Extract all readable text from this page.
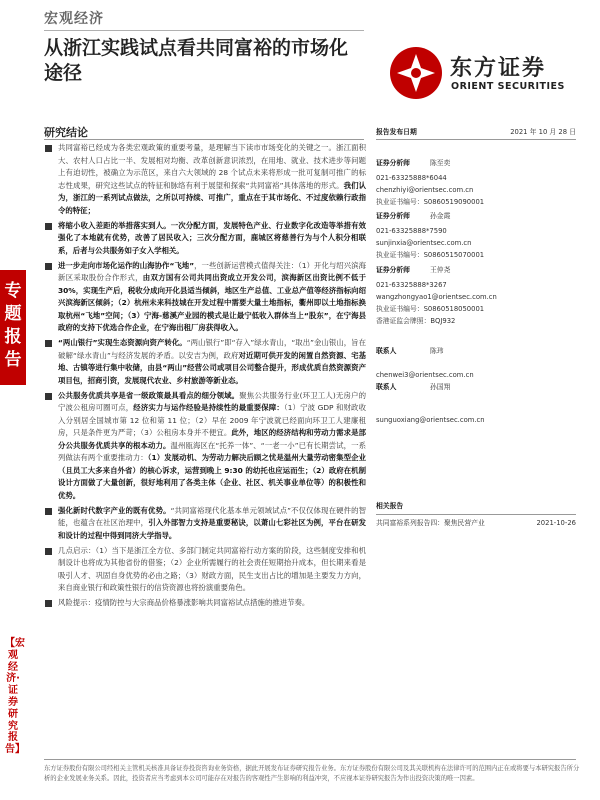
宏观经济
从浙江实践试点看共同富裕的市场化途径	东方证券
ORIENT SECURITIES
专题报告
【宏观经济·证券研究报告】
研究结论
共同富裕已经成为各类宏观政策的重要考量，是理解当下读市市场变化的关键之一。浙江面积大、农村人口占比一半、发展相对均衡、改革创新意识浓烈，在用地、就业、技术进步等问题上有迫切性，被确立为示范区，来自六大领域的 28 个试点未来将形成一批可复制可推广的标志性成果，研究这些试点的特征和脉络有利于展望和探索“共同富裕”具体落地的形式。我们认为，浙江的一系列试点做法，之所以可持续、可推广，重点在于其市场化、不过度依赖行政指令的特征；
将缩小收入差距的举措落实到人。一次分配方面，发展特色产业、行业数字化改造等举措有效强化了本地就有优势，改善了居民收入；三次分配方面，鹿城区将慈善行为与个人积分相联系，后者与公共服务如子女入学相关。
进一步走向市场化运作的山海协作“飞地”，一些创新运营模式值得关注：（1）开化与绍兴滨海新区采取股份合作形式，由双方国有公司共同出资成立开发公司，滨海新区出资比例不低于 30%，实现生产后，税收分成向开化县适当倾斜，地区生产总值、工业总产值等经济指标向绍兴滨海新区倾斜；（2）杭州未来科技城在开发过程中需要大量土地指标，衢州即以土地指标换取杭州“飞地”空间；（3）宁海-慈溪产业园的模式是让最宁低收入群体当上“股东”，在宁海县政府的支持下优选合作企业，在宁海出租厂房获得收入。
“两山银行”实现生态资源向资产转化。“两山银行”即“存入”绿水青山，“取出”金山银山，旨在破解“绿水青山”与经济发展的矛盾。以安吉为例，政府对近期可供开发的闲置自然资源、宅基地、古镇等进行集中收储，由县“两山”经营公司或项目公司整合提升，形成优质自然资源资产项目包，招商引资，发展现代农业、乡村旅游等新业态。
公共服务优质共享是省一级政策最具看点的细分领域。聚焦公共服务行业(环卫工人)无房户的宁波公租房可圈可点，经济实力与运作经验是持续性的最重要保障：（1）宁波 GDP 和财政收入分别居全国城市第 12 位和第 11 位；（2）早在 2009 年宁波就已经面向环卫工人建廉租房，只是条件更为严苛；（3）公租房本身并不便宜。此外，地区的经济结构和劳动力需求是部分公共服务优质共享的根本动力。温州瓯海区在“托养一体”、“一老一小”已有长期尝试，一系列做法有两个重要推动力：（1）发展动机、为劳动力解决后顾之忧是温州大量劳动密集型企业（且员工大多来自外省）的核心诉求，运营到晚上 9:30 的幼托也应运而生；（2）政府在机制设计方面做了大量创新，很好地利用了各类主体（企业、社区、机关事业单位等）的积极性和优势。
强化新时代数字产业的既有优势。“共同富裕现代化基本单元领域试点”不仅仅体现在硬件的智能，也蕴含在社区治理中，引入外部智力支持是重要秘诀，以萧山七彩社区为例，平台在研发和设计的过程中得到同济大学指导。
几点启示：（1）当下是浙江全方位、多部门制定共同富裕行动方案的阶段，这些制度安排和机制设计也将成为其他省份的借鉴；（2）企业所需履行的社会责任短期抬升成本，但长期来看是吸引人才、巩固自身优势的必由之路；（3）财政方面，民生支出占比的增加是主要发力方向，来自商业银行和政策性银行的信贷资源也将扮演重要角色。
风险提示：疫情防控与大宗商品价格暴涨影响共同富裕试点措施的推进节奏。
报告发布日期	2021 年 10 月 28 日
证券分析师	陈至奕
021-63325888*6044
chenzhiyi@orientsec.com.cn
执业证书编号：S0860519090001
证券分析师	孙金霞
021-63325888*7590
sunjinxia@orientsec.com.cn
执业证书编号：S0860515070001
证券分析师	王仲尧
021-63325888*3267
wangzhongyao1@orientsec.com.cn
执业证书编号：S0860518050001
香港证监会牌照：BQJ932
联系人	陈玮
chenwei3@orientsec.com.cn
联系人	孙国翔
sunguoxiang@orientsec.com.cn
相关报告
共同富裕系列报告四：聚焦民营产业	2021-10-26
东方证券股份有限公司经相关主管机关核准具备证券投资咨询业务资格，据此开展发布证券研究报告业务。东方证券股份有限公司及其关联机构在法律许可的范围内正在或将要与本研究报告所分析的企业发展业务关系。因此，投资者应当考虑到本公司可能存在对报告的客观性产生影响的利益冲突，不应视本证券研究报告为作出投资决策的唯一因素。
